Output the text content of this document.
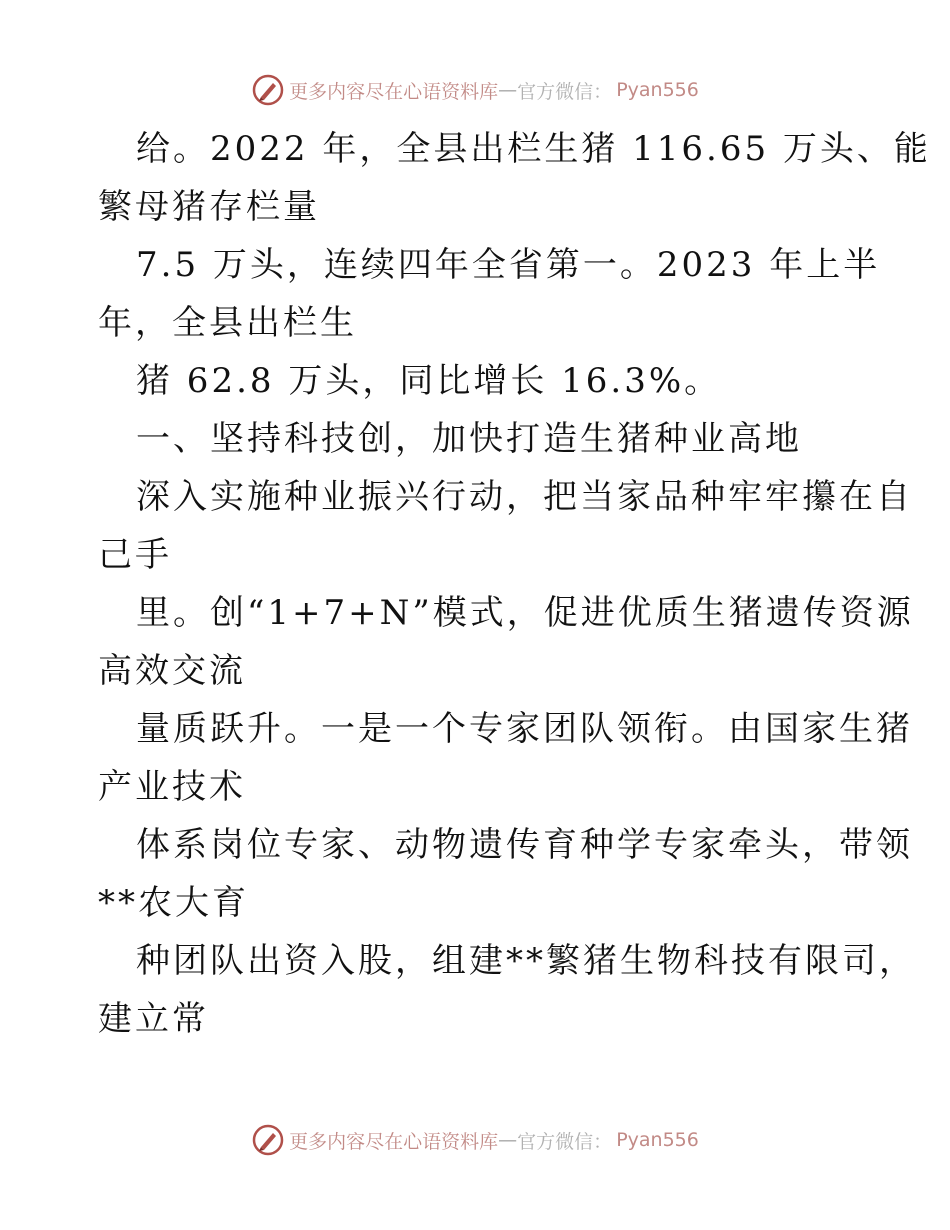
更多内容尽在心语资料库 — 官方微信： Pyan556
给。2022 年，全县出栏生猪 116.65 万头、能
繁母猪存栏量
7.5 万头，连续四年全省第一。2023 年上半
年，全县出栏生
猪 62.8 万头，同比增长 16.3%。
一、坚持科技创，加快打造生猪种业高地
深入实施种业振兴行动，把当家品种牢牢攥在自
己手
里。创“1+7+N”模式，促进优质生猪遗传资源
高效交流
量质跃升。一是一个专家团队领衔。由国家生猪
产业技术
体系岗位专家、动物遗传育种学专家牵头，带领
**农大育
种团队出资入股，组建**繁猪生物科技有限司，
建立常
更多内容尽在心语资料库 — 官方微信： Pyan556
